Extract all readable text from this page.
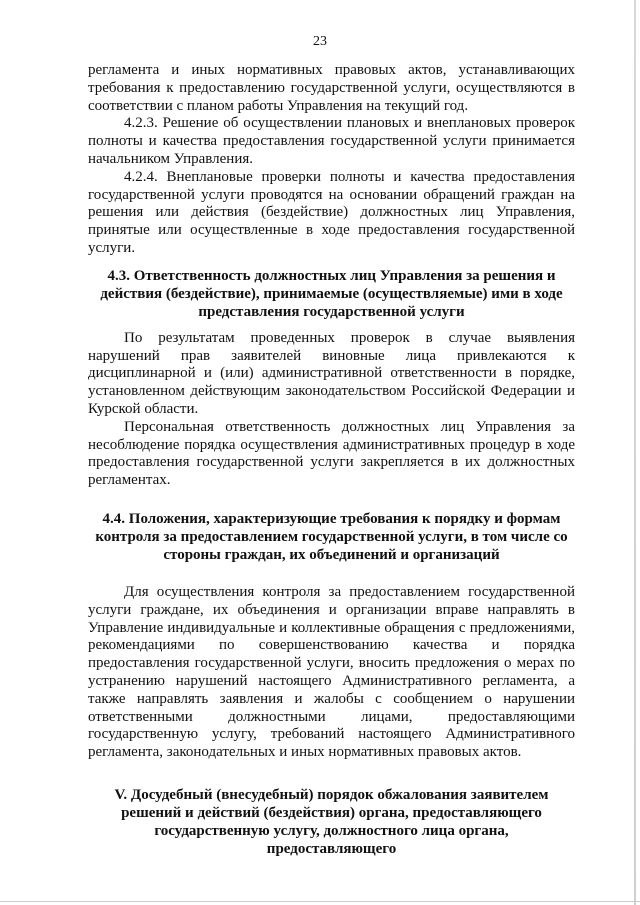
23

регламента и иных нормативных правовых актов, устанавливающих требования к предоставлению государственной услуги, осуществляются в соответствии с планом работы Управления на текущий год.

4.2.3. Решение об осуществлении плановых и внеплановых проверок полноты и качества предоставления государственной услуги принимается начальником Управления.

4.2.4. Внеплановые проверки полноты и качества предоставления государственной услуги проводятся на основании обращений граждан на решения или действия (бездействие) должностных лиц Управления, принятые или осуществленные в ходе предоставления государственной услуги.

4.3. Ответственность должностных лиц Управления за решения и действия (бездействие), принимаемые (осуществляемые) ими в ходе представления государственной услуги

По результатам проведенных проверок в случае выявления нарушений прав заявителей виновные лица привлекаются к дисциплинарной и (или) административной ответственности в порядке, установленном действующим законодательством Российской Федерации и Курской области.

Персональная ответственность должностных лиц Управления за несоблюдение порядка осуществления административных процедур в ходе предоставления государственной услуги закрепляется в их должностных регламентах.

4.4. Положения, характеризующие требования к порядку и формам контроля за предоставлением государственной услуги, в том числе со стороны граждан, их объединений и организаций

Для осуществления контроля за предоставлением государственной услуги граждане, их объединения и организации вправе направлять в Управление индивидуальные и коллективные обращения с предложениями, рекомендациями по совершенствованию качества и порядка предоставления государственной услуги, вносить предложения о мерах по устранению нарушений настоящего Административного регламента, а также направлять заявления и жалобы с сообщением о нарушении ответственными должностными лицами, предоставляющими государственную услугу, требований настоящего Административного регламента, законодательных и иных нормативных правовых актов.

V. Досудебный (внесудебный) порядок обжалования заявителем решений и действий (бездействия) органа, предоставляющего государственную услугу, должностного лица органа, предоставляющего
